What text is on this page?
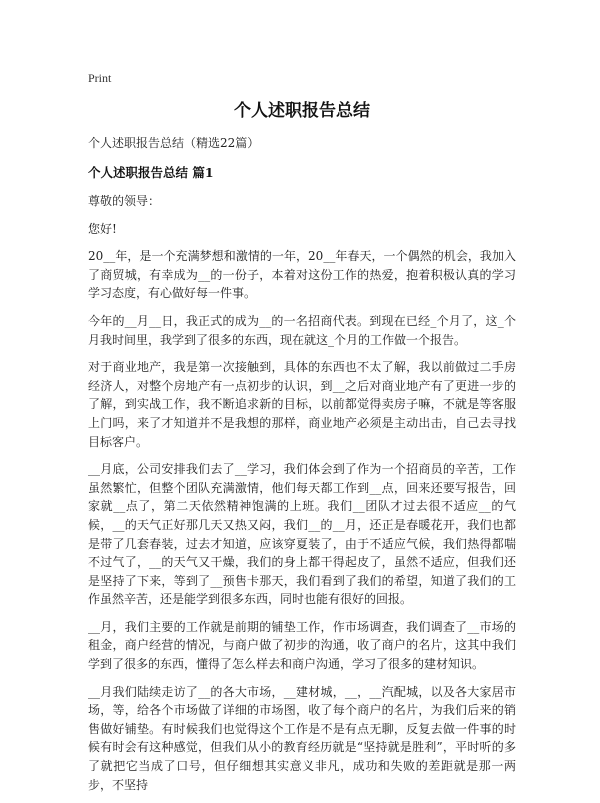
Print
个人述职报告总结

个人述职报告总结（精选22篇）

个人述职报告总结 篇1

尊敬的领导：

您好!

20__年，是一个充满梦想和激情的一年，20__年春天，一个偶然的机会，我加入了商贸城，有幸成为__的一份子，本着对这份工作的热爱，抱着积极认真的学习学习态度，有心做好每一件事。

今年的__月__日，我正式的成为__的一名招商代表。到现在已经_个月了，这_个月我时间里，我学到了很多的东西，现在就这_个月的工作做一个报告。

对于商业地产，我是第一次接触到，具体的东西也不太了解，我以前做过二手房经济人，对整个房地产有一点初步的认识，到__之后对商业地产有了更进一步的了解，到实战工作，我不断追求新的目标，以前都觉得卖房子嘛，不就是等客服上门吗，来了才知道并不是我想的那样，商业地产必须是主动出击，自己去寻找目标客户。

__月底，公司安排我们去了__学习，我们体会到了作为一个招商员的辛苦，工作虽然繁忙，但整个团队充满激情，他们每天都工作到__点，回来还要写报告，回家就__点了，第二天依然精神饱满的上班。我们__团队才过去很不适应__的气候，__的天气正好那几天又热又闷，我们__的__月，还正是春暖花开，我们也都是带了几套春装，过去才知道，应该穿夏装了，由于不适应气候，我们热得都喘不过气了，__的天气又干燥，我们的身上都干得起皮了，虽然不适应，但我们还是坚持了下来，等到了__预售卡那天，我们看到了我们的希望，知道了我们的工作虽然辛苦，还是能学到很多东西，同时也能有很好的回报。

__月，我们主要的工作就是前期的铺垫工作，作市场调查，我们调查了__市场的租金，商户经营的情况，与商户做了初步的沟通，收了商户的名片，这其中我们学到了很多的东西，懂得了怎么样去和商户沟通，学习了很多的建材知识。

__月我们陆续走访了__的各大市场，__建材城，__，__汽配城，以及各大家居市场，等，给各个市场做了详细的市场图，收了每个商户的名片，为我们后来的销售做好铺垫。有时候我们也觉得这个工作是不是有点无聊，反复去做一件事的时候有时会有这种感觉，但我们从小的教育经历就是“坚持就是胜利”，平时听的多了就把它当成了口号，但仔细想其实意义非凡，成功和失败的差距就是那一两步，不坚持
